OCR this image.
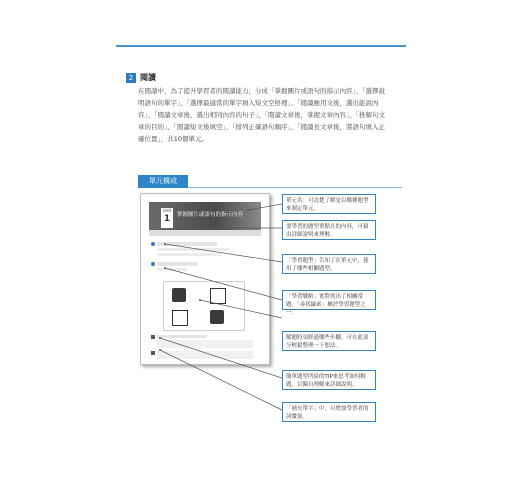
2 閱讀
在閱讀中，為了提升學習者的閱讀能力，分成「掌握圖片或語句的指示內容」、「選擇說明語句的單字」、「選擇最適當的單字填入短文空格裡」、「閱讀應用文後，選出能說內容」、「閱讀文章後，選出相同內容的句子」、「閱讀文章後，掌握文章內容」、「推解句文章的目的」、「閱讀短文後填空」、「排列正確語句順序」、「閱讀長文章後，將語句填入正確位置」，共10個單元。
單元構成
Unit
1	掌握圖片或語句的指示內容
單元名：可清楚了解是以哪種題型來制定單元。
要學習的題型重點在的內容，可藉由詳細說明來理解。
「學習題型」告知了在單元中，使用了哪些相關題型。
「學習戰略」實際列出了相關常題，「尋找線索」屬於學習題型之一。
解題時須經過哪些步驟，可在此部分輕鬆整理一下想法。
簡單題型所給的TIP來思考如何解題，以獨自理解來詳細說明。
「補充單字」中，可增加學習者的詞彙量。
